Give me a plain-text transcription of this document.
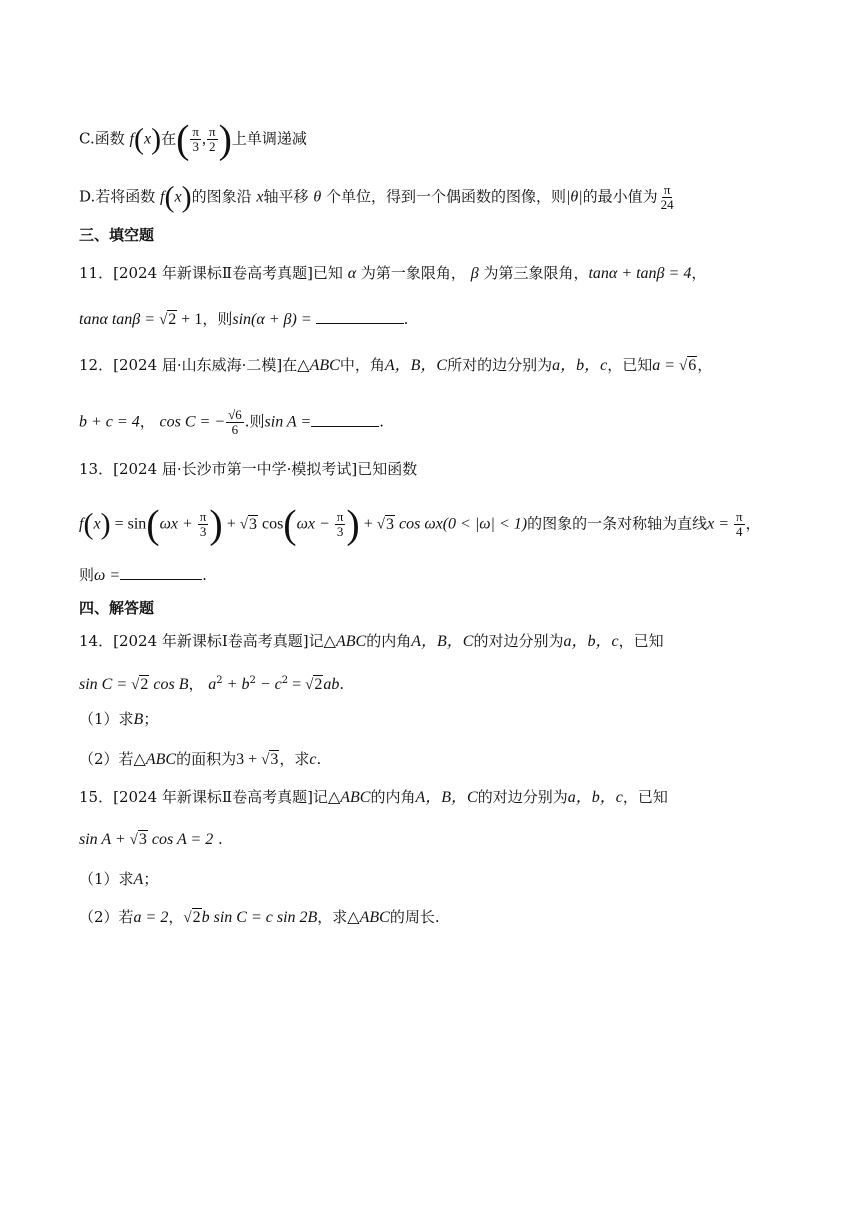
C.函数 f(x)在( $\frac{\pi}{3}$ , $\frac{\pi}{2}$ )上单调递减
D.若将函数 f(x)的图象沿 x轴平移 θ 个单位，得到一个偶函数的图像，则|θ|的最小值为 $\frac{\pi}{24}$
三、填空题
11．[2024 年新课标Ⅱ卷高考真题]已知 α 为第一象限角， β 为第三象限角，tanα + tanβ = 4，
tanα tanβ = √2 + 1，则sin(α + β) =	.
12．[2024 届·山东威海·二模]在△ABC中，角A，B，C所对的边分别为a，b，c，已知a = √6，
b + c = 4， cos C = − $\frac{√6}{6}$ .则sin A =	.
13．[2024 届·长沙市第一中学·模拟考试]已知函数
$f(x) = \sin(\omega x + \frac{\pi}{3}$ ) + √3 $\cos(\omega x - \frac{\pi}{3}$ ) + √3 cos ωx(0 < |ω| < 1)的图象的一条对称轴为直线$x = \frac{\pi}{4}$ ，
则ω =	.
四、解答题
14．[2024 年新课标Ⅰ卷高考真题]记△ABC的内角A，B，C的对边分别为a，b，c，已知
sin C = √2 cos B， $a^2 + b^2 - c^2 = √2ab$.
（1）求B；
（2）若△ABC的面积为3 + √3，求c.
15．[2024 年新课标Ⅱ卷高考真题]记△ABC的内角A，B，C的对边分别为a，b，c，已知
sin A + √3 cos A = 2 .
（1）求A；
（2）若a = 2，√2b sin C = c sin 2B，求△ABC的周长.
